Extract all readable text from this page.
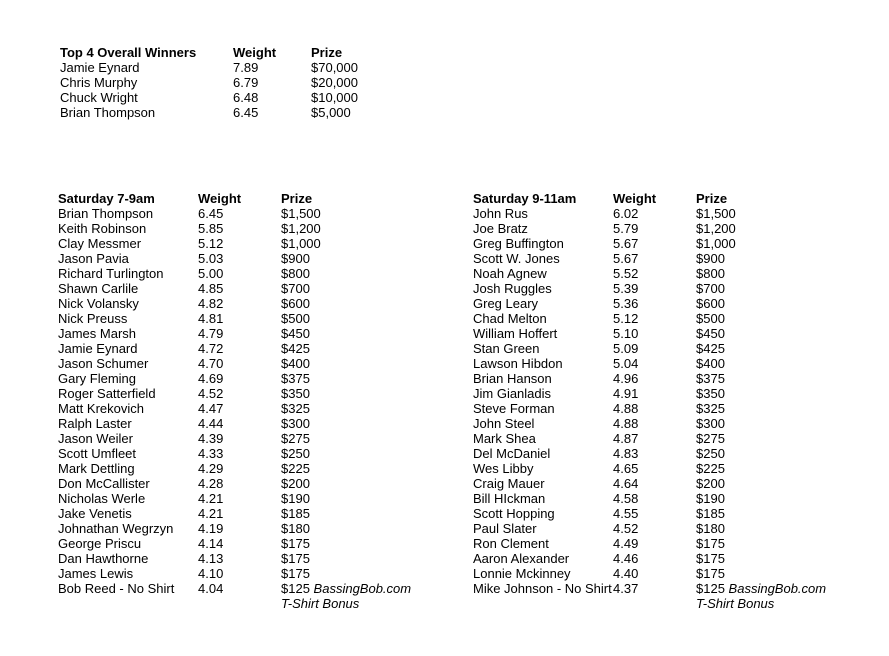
Top 4 Overall Winners	Weight	Prize
Jamie Eynard	7.89	$70,000
Chris Murphy	6.79	$20,000
Chuck Wright	6.48	$10,000
Brian Thompson	6.45	$5,000
Saturday 7-9am	Weight	Prize
Brian Thompson	6.45	$1,500
Keith Robinson	5.85	$1,200
Clay Messmer	5.12	$1,000
Jason Pavia	5.03	$900
Richard Turlington	5.00	$800
Shawn Carlile	4.85	$700
Nick Volansky	4.82	$600
Nick Preuss	4.81	$500
James Marsh	4.79	$450
Jamie Eynard	4.72	$425
Jason Schumer	4.70	$400
Gary Fleming	4.69	$375
Roger Satterfield	4.52	$350
Matt Krekovich	4.47	$325
Ralph Laster	4.44	$300
Jason Weiler	4.39	$275
Scott Umfleet	4.33	$250
Mark Dettling	4.29	$225
Don McCallister	4.28	$200
Nicholas Werle	4.21	$190
Jake Venetis	4.21	$185
Johnathan Wegrzyn 4.19	$180
George Priscu	4.14	$175
Dan Hawthorne	4.13	$175
James Lewis	4.10	$175
Bob Reed - No Shirt 4.04	$125 BassingBob.com
T-Shirt Bonus
Saturday 9-11am	Weight	Prize
John Rus	6.02	$1,500
Joe Bratz	5.79	$1,200
Greg Buffington	5.67	$1,000
Scott W. Jones	5.67	$900
Noah Agnew	5.52	$800
Josh Ruggles	5.39	$700
Greg Leary	5.36	$600
Chad Melton	5.12	$500
William Hoffert	5.10	$450
Stan Green	5.09	$425
Lawson Hibdon	5.04	$400
Brian Hanson	4.96	$375
Jim Gianladis	4.91	$350
Steve Forman	4.88	$325
John Steel	4.88	$300
Mark Shea	4.87	$275
Del McDaniel	4.83	$250
Wes Libby	4.65	$225
Craig Mauer	4.64	$200
Bill HIckman	4.58	$190
Scott Hopping	4.55	$185
Paul Slater	4.52	$180
Ron Clement	4.49	$175
Aaron Alexander	4.46	$175
Lonnie Mckinney	4.40	$175
Mike Johnson - No Shirt 4.37	$125 BassingBob.com
T-Shirt Bonus
